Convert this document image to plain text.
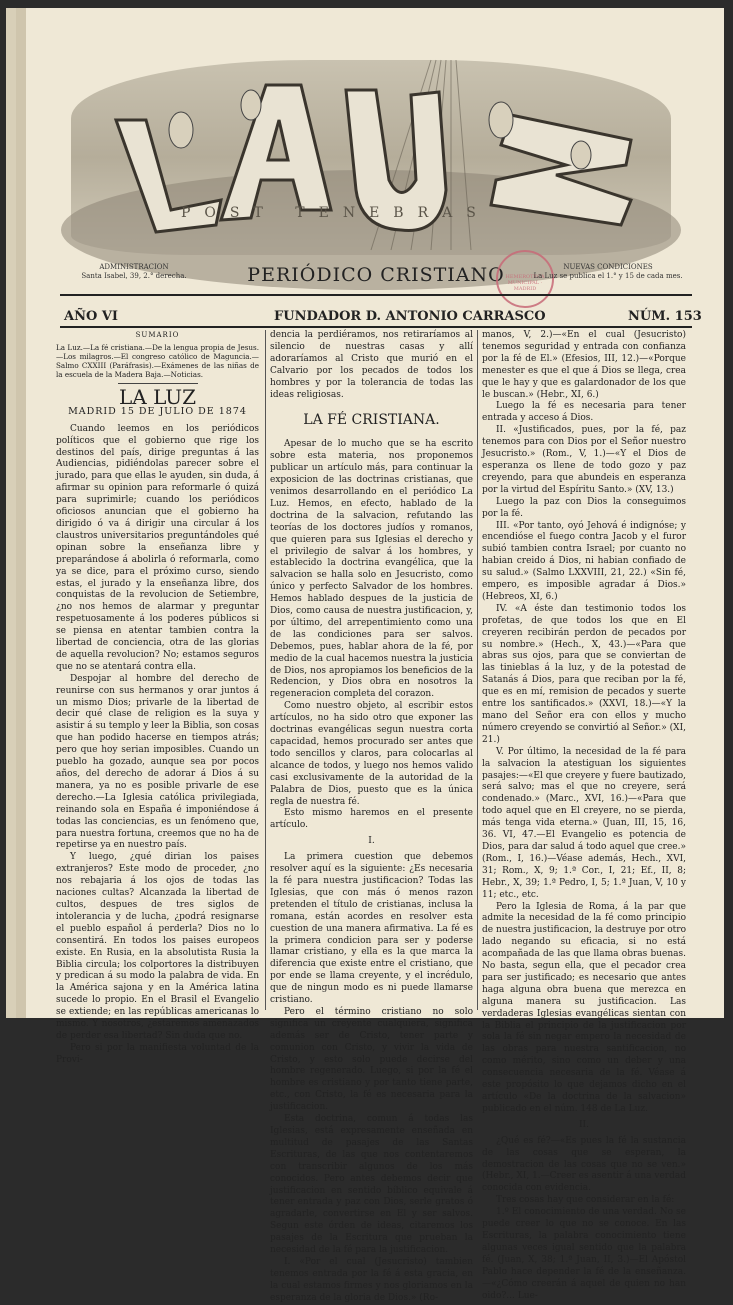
POST TENEBRAS
ADMINISTRACION
Santa Isabel, 39, 2.° derecha.	PERIÓDICO CRISTIANO HEMEROTECA MUNICIPAL · MADRID
NUEVAS CONDICIONES
La Luz se publica el 1.° y 15 de cada mes.
AÑO VI	FUNDADOR D. ANTONIO CARRASCO	NÚM. 153
SUMARIO
La Luz.—La fé cristiana.—De la lengua propia de Jesus.—Los milagros.—El congreso católico de Maguncia.—Salmo CXXIII (Paráfrasis).—Exámenes de las niñas de la escuela de la Madera Baja.—Noticias.
LA LUZ
MADRID 15 DE JULIO DE 1874

Cuando leemos en los periódicos políticos que el gobierno que rige los destinos del país, dirige preguntas á las Audiencias, pidiéndolas parecer sobre el jurado, para que ellas le ayuden, sin duda, á afirmar su opinion para reformarle ó quizá para suprimirle; cuando los periódicos oficiosos anuncian que el gobierno ha dirigido ó va á dirigir una circular á los claustros universitarios preguntándoles qué opinan sobre la enseñanza libre y preparándose á abolirla ó reformarla, como ya se dice, para el próximo curso, siendo estas, el jurado y la enseñanza libre, dos conquistas de la revolucion de Setiembre, ¿no nos hemos de alarmar y preguntar respetuosamente á los poderes públicos si se piensa en atentar tambien contra la libertad de conciencia, otra de las glorias de aquella revolucion? No; estamos seguros que no se atentará contra ella.

Despojar al hombre del derecho de reunirse con sus hermanos y orar juntos á un mismo Dios; privarle de la libertad de decir qué clase de religion es la suya y asistir á su templo y leer la Biblia, son cosas que han podido hacerse en tiempos atrás; pero que hoy serian imposibles. Cuando un pueblo ha gozado, aunque sea por pocos años, del derecho de adorar á Dios á su manera, ya no es posible privarle de ese derecho.—La Iglesia católica privilegiada, reinando sola en España é imponiéndose á todas las conciencias, es un fenómeno que, para nuestra fortuna, creemos que no ha de repetirse ya en nuestro país.

Y luego, ¿qué dirian los paises extranjeros? Este modo de proceder, ¿no nos rebajaria á los ojos de todas las naciones cultas? Alcanzada la libertad de cultos, despues de tres siglos de intolerancia y de lucha, ¿podrá resignarse el pueblo español á perderla? Dios no lo consentirá. En todos los paises europeos existe. En Rusia, en la absolutista Rusia la Biblia circula; los colportores la distribuyen y predican á su modo la palabra de vida. En la América sajona y en la América latina sucede lo propio. En el Brasil el Evangelio se extiende; en las repúblicas americanas lo mismo. Y nosotros, ¿estaremos amenazados de perder esa libertad? Sin duda que no.

Pero si por la manifiesta voluntad de la Provi-

dencia la perdiéramos, nos retiraríamos al silencio de nuestras casas y allí adoraríamos al Cristo que murió en el Calvario por los pecados de todos los hombres y por la tolerancia de todas las ideas religiosas.

LA FÉ CRISTIANA.

Apesar de lo mucho que se ha escrito sobre esta materia, nos proponemos publicar un artículo más, para continuar la exposicion de las doctrinas cristianas, que venimos desarrollando en el periódico La Luz. Hemos, en efecto, hablado de la doctrina de la salvacion, refutando las teorías de los doctores judíos y romanos, que quieren para sus Iglesias el derecho y el privilegio de salvar á los hombres, y establecido la doctrina evangélica, que la salvacion se halla solo en Jesucristo, como único y perfecto Salvador de los hombres. Hemos hablado despues de la justicia de Dios, como causa de nuestra justificacion, y, por último, del arrepentimiento como una de las condiciones para ser salvos. Debemos, pues, hablar ahora de la fé, por medio de la cual hacemos nuestra la justicia de Dios, nos apropiamos los beneficios de la Redencion, y Dios obra en nosotros la regeneracion completa del corazon.

Como nuestro objeto, al escribir estos artículos, no ha sido otro que exponer las doctrinas evangélicas segun nuestra corta capacidad, hemos procurado ser antes que todo sencillos y claros, para colocarlas al alcance de todos, y luego nos hemos valido casi exclusivamente de la autoridad de la Palabra de Dios, puesto que es la única regla de nuestra fé.

Esto mismo haremos en el presente artículo.

I.

La primera cuestion que debemos resolver aquí es la siguiente: ¿Es necesaria la fé para nuestra justificacion? Todas las Iglesias, que con más ó menos razon pretenden el título de cristianas, inclusa la romana, están acordes en resolver esta cuestion de una manera afirmativa. La fé es la primera condicion para ser y poderse llamar cristiano, y ella es la que marca la diferencia que existe entre el cristiano, que por ende se llama creyente, y el incrédulo, que de ningun modo es ni puede llamarse cristiano.

Pero el término cristiano no solo significa un creyente cualquiera, significa además ser de Cristo, tener parte y comunion con Cristo, y vivir la vida de Cristo, y esto solo puede decirse del hombre regenerado. Luego, si por la fé el hombre es cristiano y por tanto tiene parte, etc., con Cristo, la fé es necesaria para la justificacion.

Esta doctrina, comun á todas las Iglesias, está expresamente enseñada en multitud de pasajes de las Santas Escrituras, de las que nos contentaremos con transcribir algunos de los más conocidos. Pero antes debemos decir que justificacion en sentido bíblico equivale á tener entrada y paz con Dios, serle gratos ó agradarle, convertirse en El y ser salvos. Segun este órden de ideas, citaremos los pasajes de la Escritura que prueban la necesidad de la fé para la justificacion.

I. «Por el cual (Jesucristo) tambien tenemos entrada por la fé á esta gracia, en la cual estamos firmes y nos gloriamos en la esperanza de la gloria de Dios.» (Ro-

manos, V, 2.)—«En el cual (Jesucristo) tenemos seguridad y entrada con confianza por la fé de El.» (Efesios, III, 12.)—«Porque menester es que el que á Dios se llega, crea que le hay y que es galardonador de los que le buscan.» (Hebr., XI, 6.)

Luego la fé es necesaria para tener entrada y acceso á Dios.

II. «Justificados, pues, por la fé, paz tenemos para con Dios por el Señor nuestro Jesucristo.» (Rom., V, 1.)—«Y el Dios de esperanza os llene de todo gozo y paz creyendo, para que abundeis en esperanza por la virtud del Espíritu Santo.» (XV, 13.)

Luego la paz con Dios la conseguimos por la fé.

III. «Por tanto, oyó Jehová é indignóse; y encendióse el fuego contra Jacob y el furor subió tambien contra Israel; por cuanto no habian creido á Dios, ni habian confiado de su salud.» (Salmo LXXVIII, 21, 22.) «Sin fé, empero, es imposible agradar á Dios.» (Hebreos, XI, 6.)

IV. «A éste dan testimonio todos los profetas, de que todos los que en El creyeren recibirán perdon de pecados por su nombre.» (Hech., X, 43.)—«Para que abras sus ojos, para que se conviertan de las tinieblas á la luz, y de la potestad de Satanás á Dios, para que reciban por la fé, que es en mí, remision de pecados y suerte entre los santificados.» (XXVI, 18.)—«Y la mano del Señor era con ellos y mucho número creyendo se convirtió al Señor.» (XI, 21.)

V. Por último, la necesidad de la fé para la salvacion la atestiguan los siguientes pasajes:—«El que creyere y fuere bautizado, será salvo; mas el que no creyere, será condenado.» (Marc., XVI, 16.)—«Para que todo aquel que en El creyere, no se pierda, más tenga vida eterna.» (Juan, III, 15, 16, 36. VI, 47.—El Evangelio es potencia de Dios, para dar salud á todo aquel que cree.» (Rom., I, 16.)—Véase además, Hech., XVI, 31; Rom., X, 9; 1.ª Cor., I, 21; Ef., II, 8; Hebr., X, 39; 1.ª Pedro, I, 5; 1.ª Juan, V, 10 y 11; etc., etc.

Pero la Iglesia de Roma, á la par que admite la necesidad de la fé como principio de nuestra justificacion, la destruye por otro lado negando su eficacia, si no está acompañada de las que llama obras buenas. No basta, segun ella, que el pecador crea para ser justificado; es necesario que antes haga alguna obra buena que merezca en alguna manera su justificacion. Las verdaderas Iglesias evangélicas sientan con la Biblia el principio de la justificacion por sola la fé sin negar empero la necesidad de las obras para nuestra santificacion, no como mérito, sino como un deber y una consecuencia necesaria de la fé. Véase á este propósito lo que dejamos dicho en el artículo «De la doctrina de la salvacion» publicado en el núm. 148 de La Luz.

II.

¿Qué es fé?—«Es pues la fé la sustancia de las cosas que se esperan, la demostracion de las cosas que no se ven.» (Hebr., XI, 1.—Creer es asentir á una verdad conocida con evidencia.

Tres cosas hay que considerar en la fé:

1.º El conocimiento de una verdad. No se puede creer lo que no se conoce. En las Escrituras, la palabra conocimiento tiene algunas veces igual sentido que la palabra fé. (Juan, X, 38; 1.ª Juan, II, 3.)—El Apóstol Pablo hace depender la fé de la enseñanza.—«¿Cómo creerán á aquel de quien no han oido?... Lue-
